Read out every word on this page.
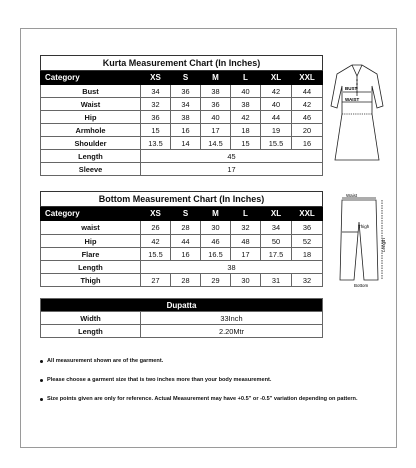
Kurta Measurement Chart (In Inches)						
Category	XS	S	M	L	XL	XXL
Bust	34	36	38	40	42	44
Waist	32	34	36	38	40	42
Hip	36	38	40	42	44	46
Armhole	15	16	17	18	19	20
Shoulder	13.5	14	14.5	15	15.5	16
Length	45					
Sleeve	17					
BUST
WAIST
Bottom Measurement Chart (In Inches)						
Category	XS	S	M	L	XL	XXL
waist	26	28	30	32	34	36
Hip	42	44	46	48	50	52
Flare	15.5	16	16.5	17	17.5	18
Length	38					
Thigh	27	28	29	30	31	32
Waist
Thigh
Length
Bottom
Dupatta	
Width	33Inch
Length	2.20Mtr
All measurement shown are of the garment.
Please choose a garment size that is two inches more than your body measurement.
Size points given are only for reference. Actual Measurement may have +0.5" or -0.5" variation depending on pattern.
